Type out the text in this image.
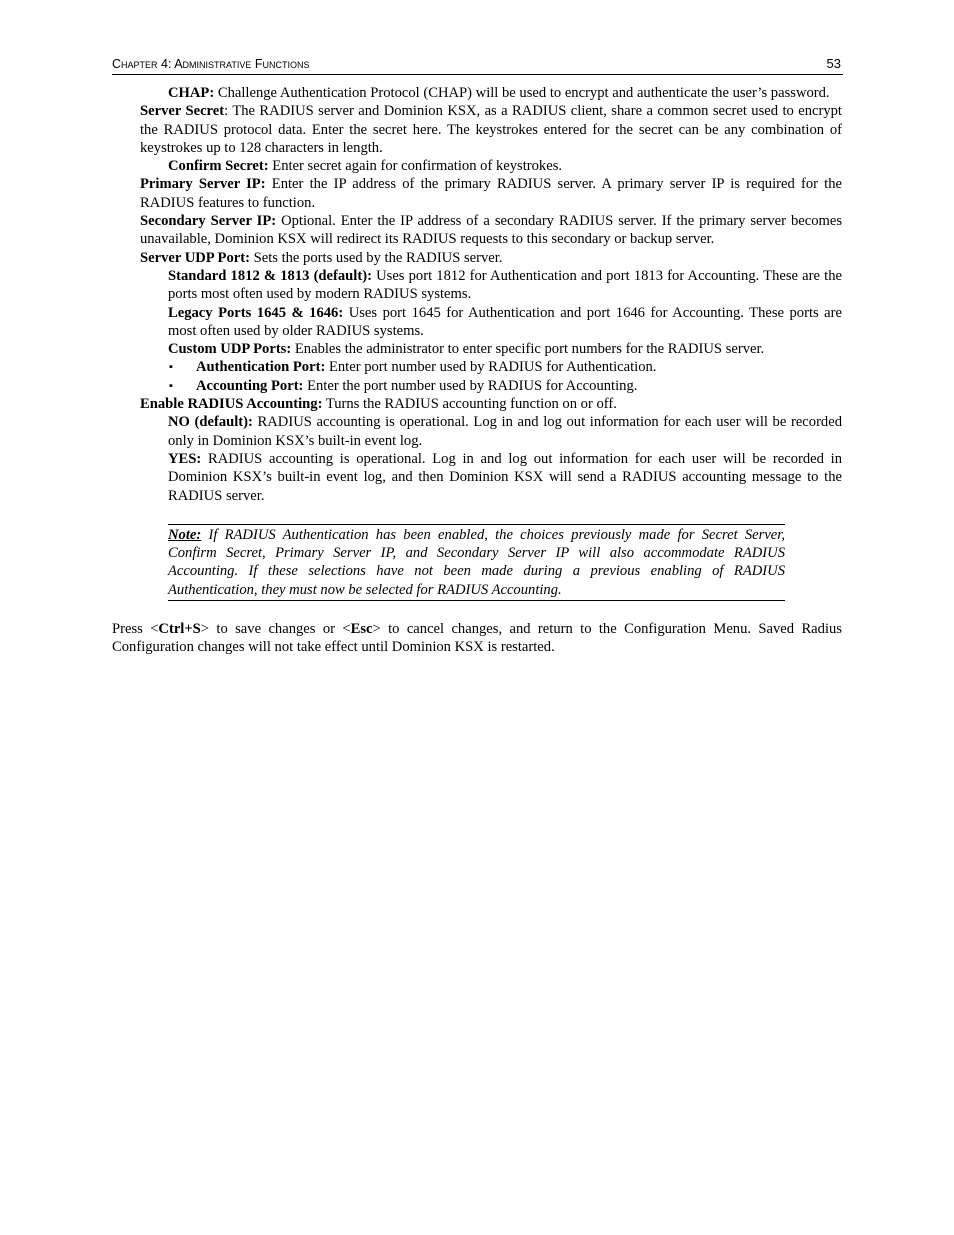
Chapter 4: Administrative Functions	53

CHAP: Challenge Authentication Protocol (CHAP) will be used to encrypt and authenticate the user’s password.

Server Secret: The RADIUS server and Dominion KSX, as a RADIUS client, share a common secret used to encrypt the RADIUS protocol data. Enter the secret here. The keystrokes entered for the secret can be any combination of keystrokes up to 128 characters in length.

Confirm Secret: Enter secret again for confirmation of keystrokes.

Primary Server IP: Enter the IP address of the primary RADIUS server. A primary server IP is required for the RADIUS features to function.

Secondary Server IP: Optional. Enter the IP address of a secondary RADIUS server. If the primary server becomes unavailable, Dominion KSX will redirect its RADIUS requests to this secondary or backup server.

Server UDP Port: Sets the ports used by the RADIUS server.

Standard 1812 & 1813 (default): Uses port 1812 for Authentication and port 1813 for Accounting. These are the ports most often used by modern RADIUS systems.

Legacy Ports 1645 & 1646: Uses port 1645 for Authentication and port 1646 for Accounting. These ports are most often used by older RADIUS systems.

Custom UDP Ports: Enables the administrator to enter specific port numbers for the RADIUS server.

▪ Authentication Port: Enter port number used by RADIUS for Authentication.

▪ Accounting Port: Enter the port number used by RADIUS for Accounting.

Enable RADIUS Accounting: Turns the RADIUS accounting function on or off.

NO (default): RADIUS accounting is operational. Log in and log out information for each user will be recorded only in Dominion KSX’s built-in event log.

YES: RADIUS accounting is operational. Log in and log out information for each user will be recorded in Dominion KSX’s built-in event log, and then Dominion KSX will send a RADIUS accounting message to the RADIUS server.

Note: If RADIUS Authentication has been enabled, the choices previously made for Secret Server, Confirm Secret, Primary Server IP, and Secondary Server IP will also accommodate RADIUS Accounting. If these selections have not been made during a previous enabling of RADIUS Authentication, they must now be selected for RADIUS Accounting.

Press <Ctrl+S> to save changes or <Esc> to cancel changes, and return to the Configuration Menu. Saved Radius Configuration changes will not take effect until Dominion KSX is restarted.
